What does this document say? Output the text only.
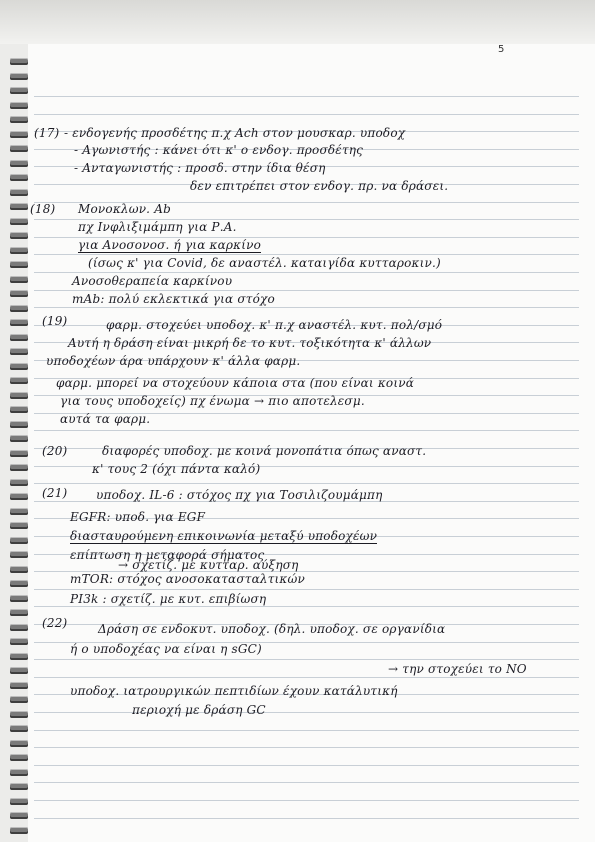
5
(17) - ενδογενής προσδέτης π.χ Ach στον μουσκαρ. υποδοχ
- Αγωνιστής : κάνει ότι κ' ο ενδογ. προσδέτης
- Ανταγωνιστής : προσδ. στην ίδια θέση
δεν επιτρέπει στον ενδογ. πρ. να δράσει.
(18) Μονοκλων. Ab
πχ Ινφλιξιμάμπη για Ρ.Α.
για Ανοσονοσ. ή για καρκίνο
(ίσως κ' για Covid, δε αναστέλ. καταιγίδα κυτταροκιν.)
Ανοσοθεραπεία καρκίνου
mAb: πολύ εκλεκτικά για στόχο
(19)	φαρμ. στοχεύει υποδοχ. κ' π.χ αναστέλ. κυτ. πολ/σμό
Αυτή η δράση είναι μικρή δε το κυτ. τοξικότητα κ' άλλων
υποδοχέων άρα υπάρχουν κ' άλλα φαρμ.
φαρμ. μπορεί να στοχεύουν κάποια στα (που είναι κοινά
για τους υποδοχείς) πχ ένωμα → πιο αποτελεσμ.
αυτά τα φαρμ.
(20)	διαφορές υποδοχ. με κοινά μονοπάτια όπως αναστ.
κ' τους 2 (όχι πάντα καλό)
(21) υποδοχ. IL-6 : στόχος πχ για Τοσιλιζουμάμπη
EGFR: υποδ. για EGF
διασταυρούμενη επικοινωνία μεταξύ υποδοχέων
επίπτωση η μεταφορά σήματος
→ σχετίζ. με κυτταρ. αύξηση
mTOR: στόχος ανοσοκατασταλτικών
PI3k : σχετίζ. με κυτ. επιβίωση
(22)	Δράση σε ενδοκυτ. υποδοχ. (δηλ. υποδοχ. σε οργανίδια
ή ο υποδοχέας να είναι η sGC)
→ την στοχεύει το NO
υποδοχ. ιατρουργικών πεπτιδίων έχουν κατάλυτική
περιοχή με δράση GC
